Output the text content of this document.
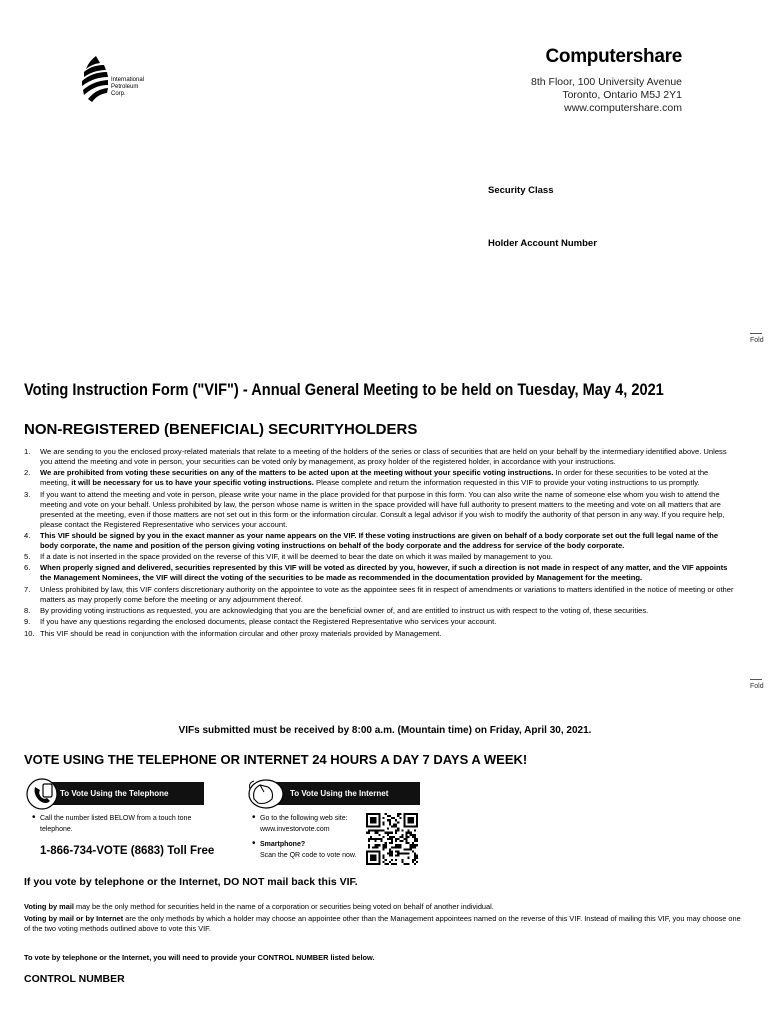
International
Petroleum
Corp.
Computershare
8th Floor, 100 University Avenue
Toronto, Ontario M5J 2Y1
www.computershare.com
Security Class
Holder Account Number
Fold
Fold
Voting Instruction Form ("VIF") - Annual General Meeting to be held on Tuesday, May 4, 2021
NON-REGISTERED (BENEFICIAL) SECURITYHOLDERS
1. We are sending to you the enclosed proxy-related materials that relate to a meeting of the holders of the series or class of securities that are held on your behalf by the intermediary identified above. Unless you attend the meeting and vote in person, your securities can be voted only by management, as proxy holder of the registered holder, in accordance with your instructions.
2. We are prohibited from voting these securities on any of the matters to be acted upon at the meeting without your specific voting instructions. In order for these securities to be voted at the meeting, it will be necessary for us to have your specific voting instructions. Please complete and return the information requested in this VIF to provide your voting instructions to us promptly.
3. If you want to attend the meeting and vote in person, please write your name in the place provided for that purpose in this form. You can also write the name of someone else whom you wish to attend the meeting and vote on your behalf. Unless prohibited by law, the person whose name is written in the space provided will have full authority to present matters to the meeting and vote on all matters that are presented at the meeting, even if those matters are not set out in this form or the information circular. Consult a legal advisor if you wish to modify the authority of that person in any way. If you require help, please contact the Registered Representative who services your account.
4. This VIF should be signed by you in the exact manner as your name appears on the VIF. If these voting instructions are given on behalf of a body corporate set out the full legal name of the body corporate, the name and position of the person giving voting instructions on behalf of the body corporate and the address for service of the body corporate.
5. If a date is not inserted in the space provided on the reverse of this VIF, it will be deemed to bear the date on which it was mailed by management to you.
6. When properly signed and delivered, securities represented by this VIF will be voted as directed by you, however, if such a direction is not made in respect of any matter, and the VIF appoints the Management Nominees, the VIF will direct the voting of the securities to be made as recommended in the documentation provided by Management for the meeting.
7. Unless prohibited by law, this VIF confers discretionary authority on the appointee to vote as the appointee sees fit in respect of amendments or variations to matters identified in the notice of meeting or other matters as may properly come before the meeting or any adjournment thereof.
8. By providing voting instructions as requested, you are acknowledging that you are the beneficial owner of, and are entitled to instruct us with respect to the voting of, these securities.
9. If you have any questions regarding the enclosed documents, please contact the Registered Representative who services your account.
10. This VIF should be read in conjunction with the information circular and other proxy materials provided by Management.
VIFs submitted must be received by 8:00 a.m. (Mountain time) on Friday, April 30, 2021.
VOTE USING THE TELEPHONE OR INTERNET 24 HOURS A DAY 7 DAYS A WEEK!
To Vote Using the Telephone
• Call the number listed BELOW from a touch tone telephone.
1-866-734-VOTE (8683) Toll Free
To Vote Using the Internet
• Go to the following web site:
www.investorvote.com
• Smartphone?
Scan the QR code to vote now.
If you vote by telephone or the Internet, DO NOT mail back this VIF.
Voting by mail may be the only method for securities held in the name of a corporation or securities being voted on behalf of another individual.
Voting by mail or by Internet are the only methods by which a holder may choose an appointee other than the Management appointees named on the reverse of this VIF. Instead of mailing this VIF, you may choose one of the two voting methods outlined above to vote this VIF.
To vote by telephone or the Internet, you will need to provide your CONTROL NUMBER listed below.
CONTROL NUMBER
